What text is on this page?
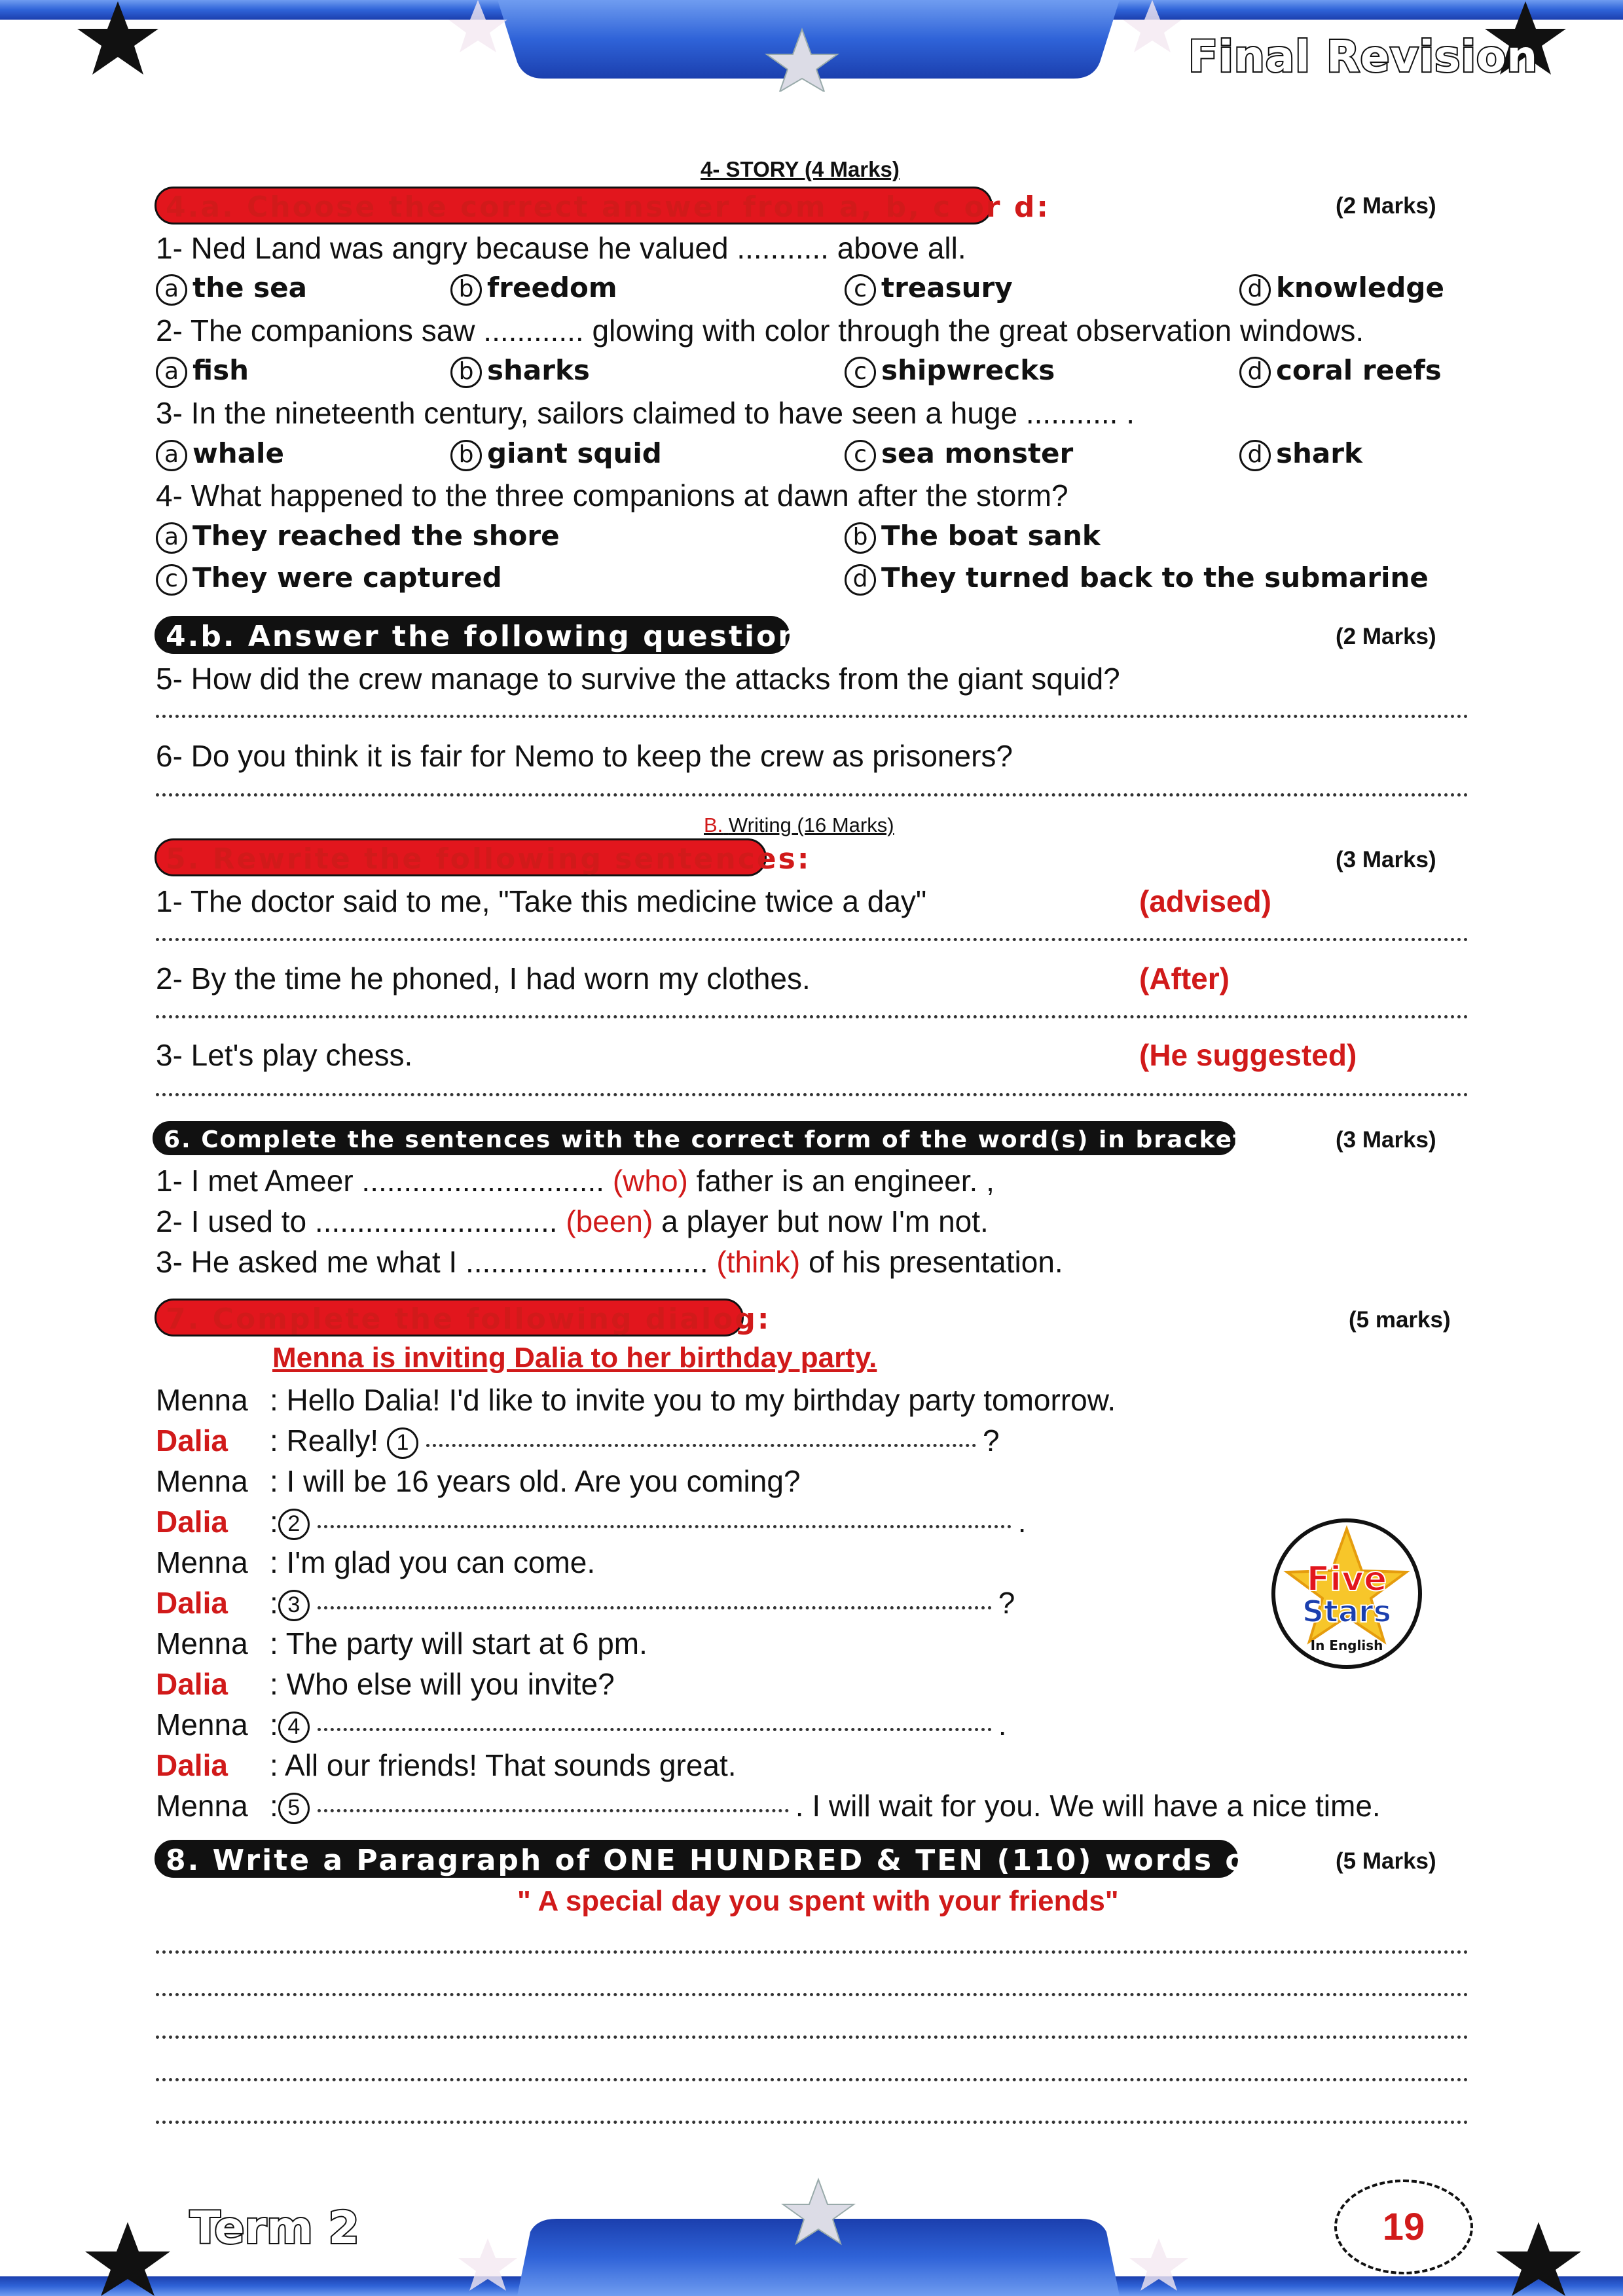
Final Revision
4- STORY (4 Marks)
4.a. Choose the correct answer from a, b, c or d:	(2 Marks)
1- Ned Land was angry because he valued ........... above all.
a the sea	b freedom	c treasury	d knowledge
2- The companions saw ............ glowing with color through the great observation windows.
a fish	b sharks	c shipwrecks	d coral reefs
3- In the nineteenth century, sailors claimed to have seen a huge ........... .
a whale	b giant squid	c sea monster	d shark
4- What happened to the three companions at dawn after the storm?
a They reached the shore	b The boat sank
c They were captured	d They turned back to the submarine
4.b. Answer the following questions:	(2 Marks)
5- How did the crew manage to survive the attacks from the giant squid?
6- Do you think it is fair for Nemo to keep the crew as prisoners?
B. Writing (16 Marks)
5. Rewrite the following sentences:	(3 Marks)
1- The doctor said to me, "Take this medicine twice a day"	(advised)
2- By the time he phoned, I had worn my clothes.	(After)
3- Let's play chess.	(He suggested)
6. Complete the sentences with the correct form of the word(s) in brackets:	(3 Marks)
1- I met Ameer ............................. (who) father is an engineer. ,
2- I used to ............................. (been) a player but now I'm not.
3- He asked me what I ............................. (think) of his presentation.
7. Complete the following dialog:	(5 marks)
Menna is inviting Dalia to her birthday party.
Menna : Hello Dalia! I'd like to invite you to my birthday party tomorrow.
Dalia : Really! 1	?
Menna : I will be 16 years old. Are you coming?
Dalia : 2	.
Menna : I'm glad you can come.
Dalia : 3	?
Menna : The party will start at 6 pm.
Dalia : Who else will you invite?
Menna : 4	.
Dalia : All our friends! That sounds great.
Menna : 5	. I will wait for you. We will have a nice time.
Five
Stars
In English
8. Write a Paragraph of ONE HUNDRED & TEN (110) words on: (5 Marks)
" A special day you spent with your friends"
Term 2	19
